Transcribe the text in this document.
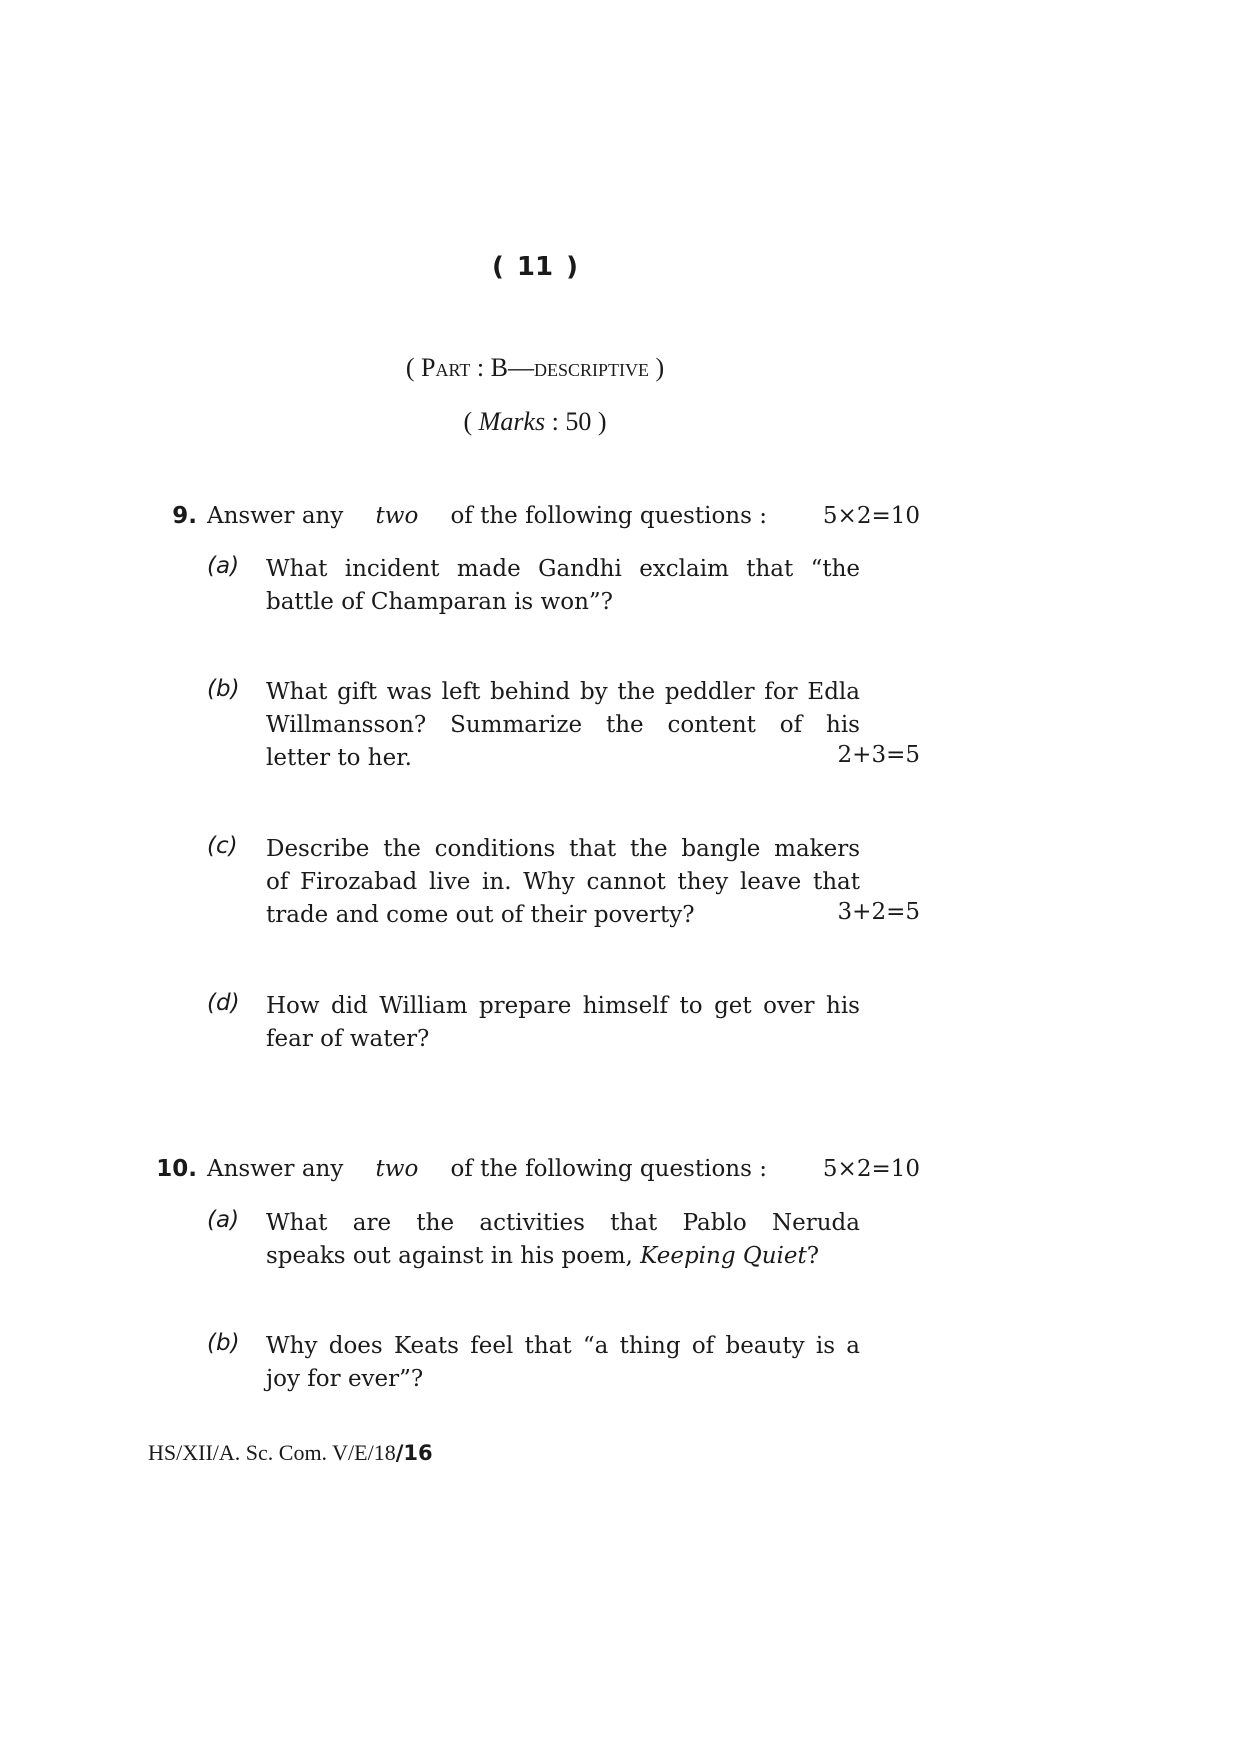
( 11 )
( Part : B—descriptive )
( Marks : 50 )
9. Answer any two of the following questions : 5×2=10
(a) What incident made Gandhi exclaim that “the
battle of Champaran is won”?
(b) What gift was left behind by the peddler for Edla
Willmansson? Summarize the content of his
letter to her.	2+3=5
(c) Describe the conditions that the bangle makers
of Firozabad live in. Why cannot they leave that
trade and come out of their poverty?	3+2=5
(d) How did William prepare himself to get over his
fear of water?
10. Answer any two of the following questions : 5×2=10
(a) What are the activities that Pablo Neruda
speaks out against in his poem, Keeping Quiet?
(b) Why does Keats feel that “a thing of beauty is a
joy for ever”?
HS/XII/A. Sc. Com. V/E/18/16
